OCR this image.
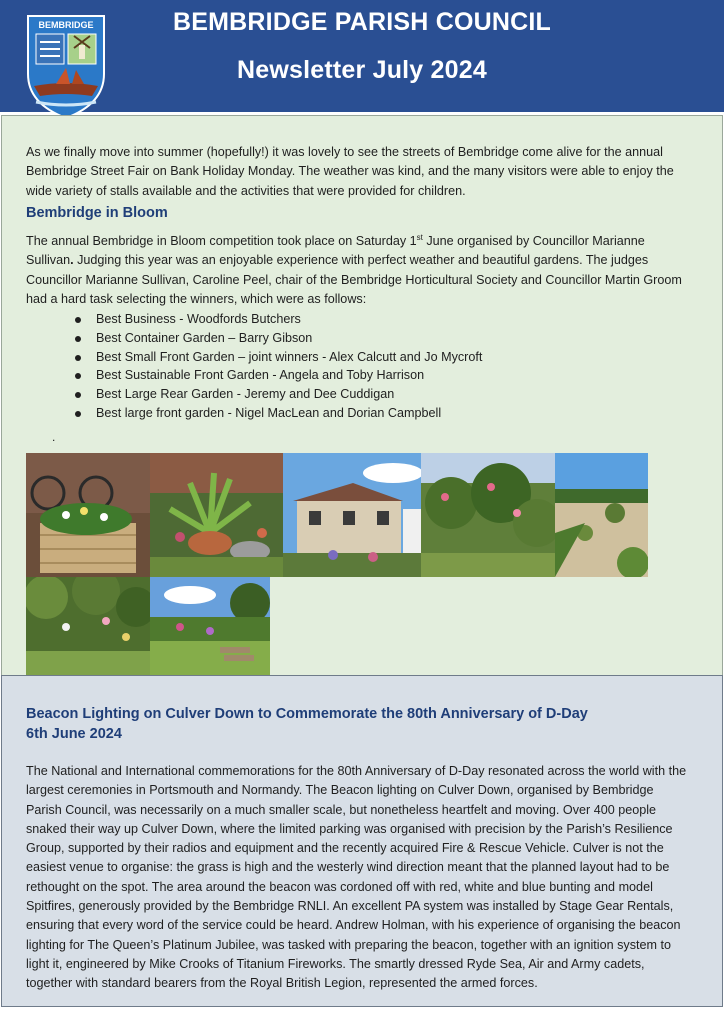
BEMBRIDGE	BEMBRIDGE PARISH COUNCIL
Newsletter July 2024

As we finally move into summer (hopefully!) it was lovely to see the streets of Bembridge come alive for the annual Bembridge Street Fair on Bank Holiday Monday. The weather was kind, and the many visitors were able to enjoy the wide variety of stalls available and the activities that were provided for children.

Bembridge in Bloom

The annual Bembridge in Bloom competition took place on Saturday 1st June organised by Councillor Marianne Sullivan. Judging this year was an enjoyable experience with perfect weather and beautiful gardens. The judges Councillor Marianne Sullivan, Caroline Peel, chair of the Bembridge Horticultural Society and Councillor Martin Groom had a hard task selecting the winners, which were as follows:

Best Business - Woodfords Butchers
Best Container Garden – Barry Gibson
Best Small Front Garden – joint winners - Alex Calcutt and Jo Mycroft
Best Sustainable Front Garden - Angela and Toby Harrison
Best Large Rear Garden - Jeremy and Dee Cuddigan
Best large front garden - Nigel MacLean and Dorian Campbell
.
Beacon Lighting on Culver Down to Commemorate the 80th Anniversary of D-Day
6th June 2024

The National and International commemorations for the 80th Anniversary of D-Day resonated across the world with the largest ceremonies in Portsmouth and Normandy. The Beacon lighting on Culver Down, organised by Bembridge Parish Council, was necessarily on a much smaller scale, but nonetheless heartfelt and moving. Over 400 people snaked their way up Culver Down, where the limited parking was organised with precision by the Parish’s Resilience Group, supported by their radios and equipment and the recently acquired Fire & Rescue Vehicle. Culver is not the easiest venue to organise: the grass is high and the westerly wind direction meant that the planned layout had to be rethought on the spot. The area around the beacon was cordoned off with red, white and blue bunting and model Spitfires, generously provided by the Bembridge RNLI. An excellent PA system was installed by Stage Gear Rentals, ensuring that every word of the service could be heard. Andrew Holman, with his experience of organising the beacon lighting for The Queen’s Platinum Jubilee, was tasked with preparing the beacon, together with an ignition system to light it, engineered by Mike Crooks of Titanium Fireworks. The smartly dressed Ryde Sea, Air and Army cadets, together with standard bearers from the Royal British Legion, represented the armed forces.
